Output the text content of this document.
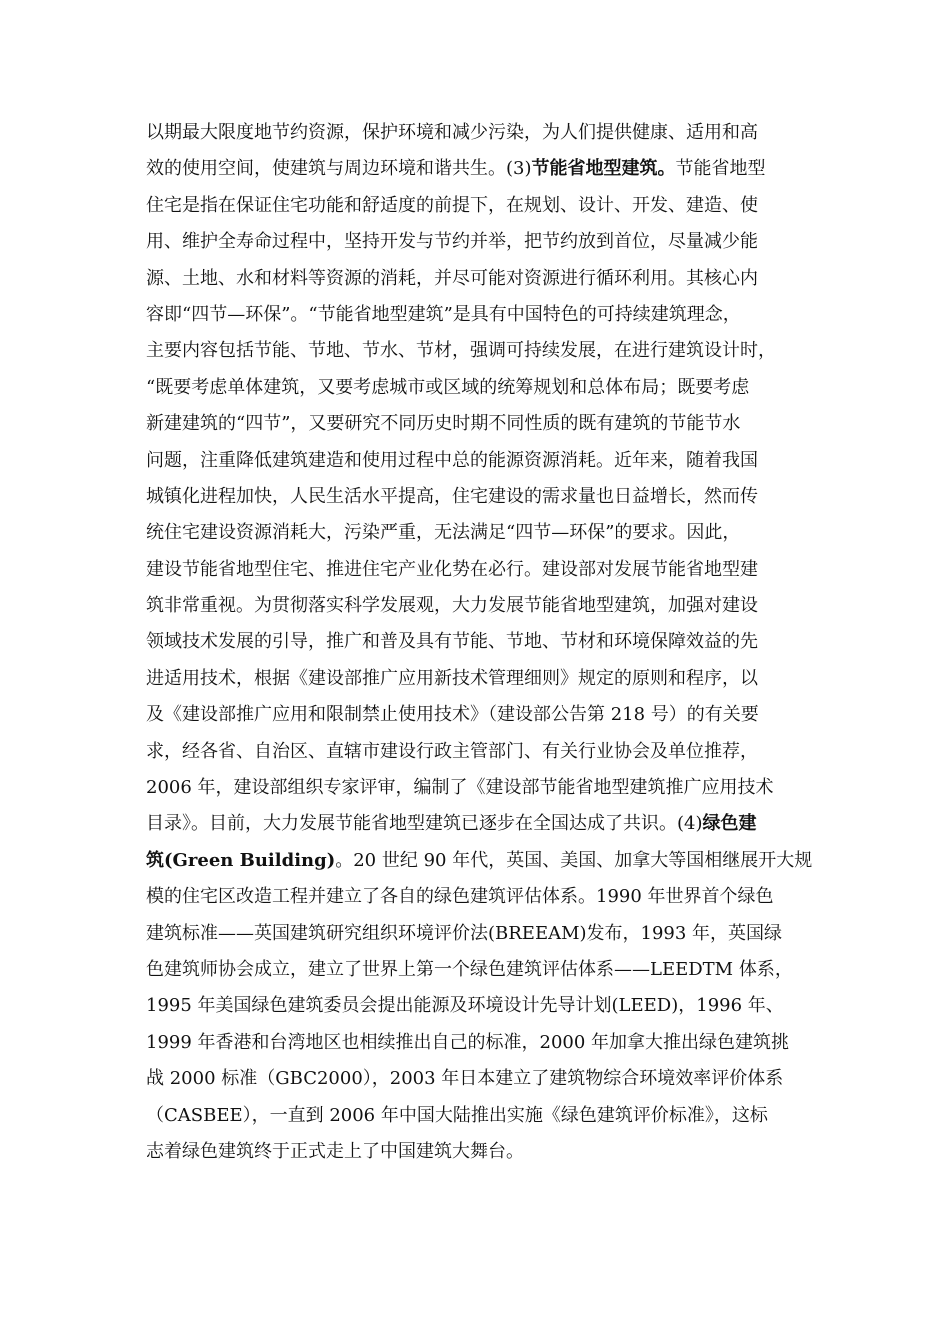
以期最大限度地节约资源，保护环境和减少污染，为人们提供健康、适用和高
效的使用空间，使建筑与周边环境和谐共生。(3)节能省地型建筑。节能省地型
住宅是指在保证住宅功能和舒适度的前提下，在规划、设计、开发、建造、使
用、维护全寿命过程中，坚持开发与节约并举，把节约放到首位，尽量减少能
源、土地、水和材料等资源的消耗，并尽可能对资源进行循环利用。其核心内
容即“四节—环保”。“节能省地型建筑”是具有中国特色的可持续建筑理念，
主要内容包括节能、节地、节水、节材，强调可持续发展，在进行建筑设计时，
“既要考虑单体建筑，又要考虑城市或区域的统筹规划和总体布局；既要考虑
新建建筑的“四节”，又要研究不同历史时期不同性质的既有建筑的节能节水
问题，注重降低建筑建造和使用过程中总的能源资源消耗。近年来，随着我国
城镇化进程加快，人民生活水平提高，住宅建设的需求量也日益增长，然而传
统住宅建设资源消耗大，污染严重，无法满足“四节—环保”的要求。因此，
建设节能省地型住宅、推进住宅产业化势在必行。建设部对发展节能省地型建
筑非常重视。为贯彻落实科学发展观，大力发展节能省地型建筑，加强对建设
领域技术发展的引导，推广和普及具有节能、节地、节材和环境保障效益的先
进适用技术，根据《建设部推广应用新技术管理细则》规定的原则和程序，以
及《建设部推广应用和限制禁止使用技术》（建设部公告第 218 号）的有关要
求，经各省、自治区、直辖市建设行政主管部门、有关行业协会及单位推荐，
2006 年，建设部组织专家评审，编制了《建设部节能省地型建筑推广应用技术
目录》。目前，大力发展节能省地型建筑已逐步在全国达成了共识。(4)绿色建
筑(Green Building)。20 世纪 90 年代，英国、美国、加拿大等国相继展开大规
模的住宅区改造工程并建立了各自的绿色建筑评估体系。1990 年世界首个绿色
建筑标准——英国建筑研究组织环境评价法(BREEAM)发布，1993 年，英国绿
色建筑师协会成立，建立了世界上第一个绿色建筑评估体系——LEEDTM 体系，
1995 年美国绿色建筑委员会提出能源及环境设计先导计划(LEED)，1996 年、
1999 年香港和台湾地区也相续推出自己的标准，2000 年加拿大推出绿色建筑挑
战 2000 标准（GBC2000），2003 年日本建立了建筑物综合环境效率评价体系
（CASBEE），一直到 2006 年中国大陆推出实施《绿色建筑评价标准》，这标
志着绿色建筑终于正式走上了中国建筑大舞台。
